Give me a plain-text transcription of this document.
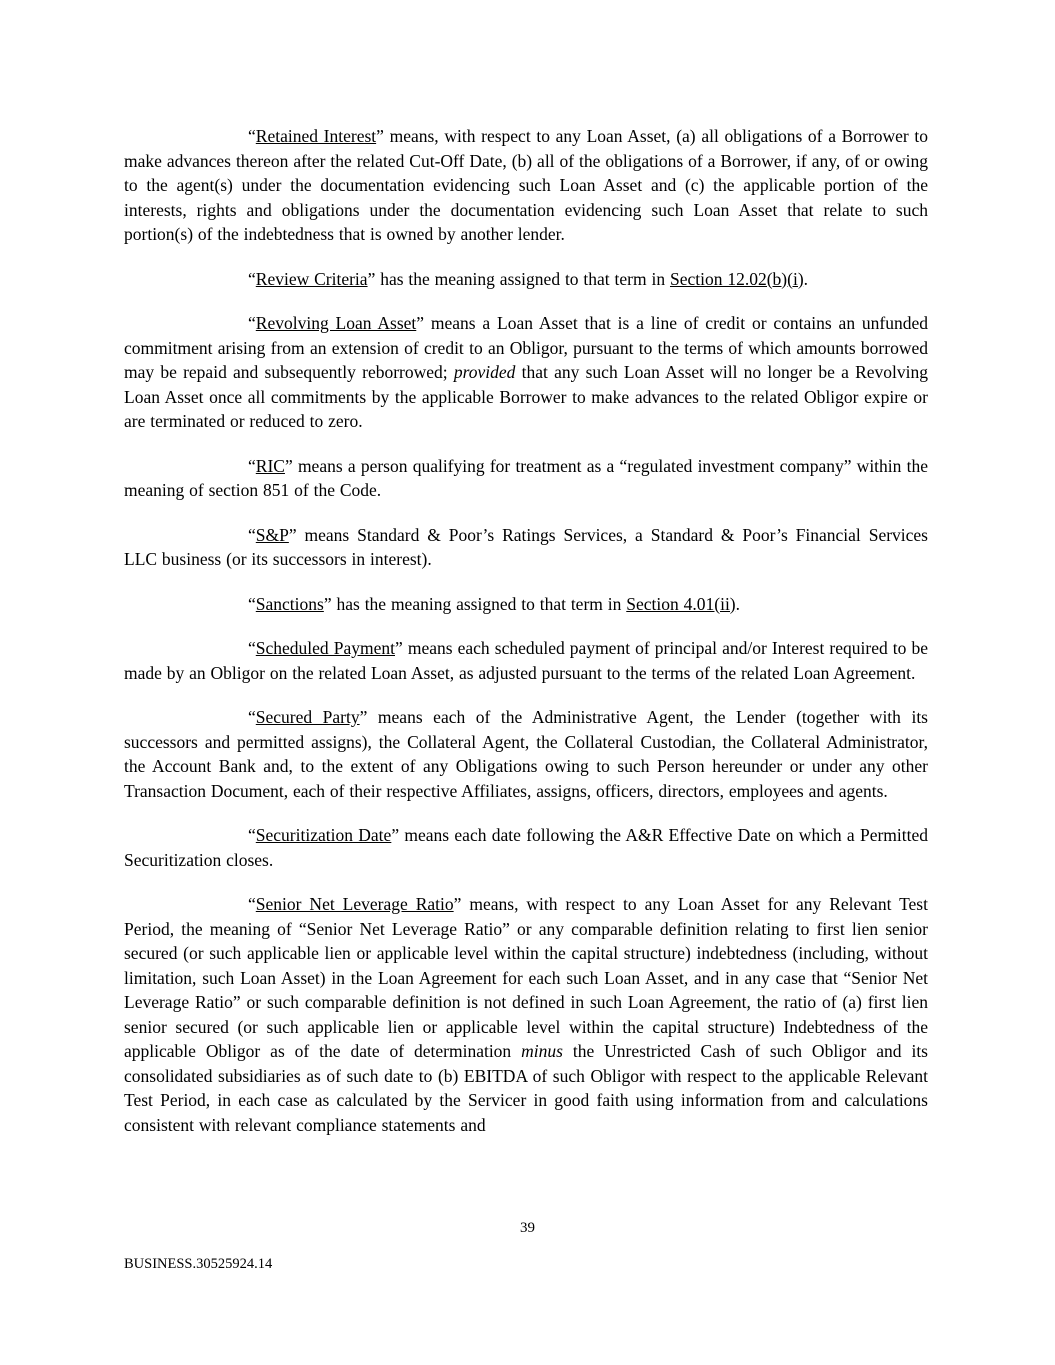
“Retained Interest” means, with respect to any Loan Asset, (a) all obligations of a Borrower to make advances thereon after the related Cut-Off Date, (b) all of the obligations of a Borrower, if any, of or owing to the agent(s) under the documentation evidencing such Loan Asset and (c) the applicable portion of the interests, rights and obligations under the documentation evidencing such Loan Asset that relate to such portion(s) of the indebtedness that is owned by another lender.

“Review Criteria” has the meaning assigned to that term in Section 12.02(b)(i).

“Revolving Loan Asset” means a Loan Asset that is a line of credit or contains an unfunded commitment arising from an extension of credit to an Obligor, pursuant to the terms of which amounts borrowed may be repaid and subsequently reborrowed; provided that any such Loan Asset will no longer be a Revolving Loan Asset once all commitments by the applicable Borrower to make advances to the related Obligor expire or are terminated or reduced to zero.

“RIC” means a person qualifying for treatment as a “regulated investment company” within the meaning of section 851 of the Code.

“S&P” means Standard & Poor’s Ratings Services, a Standard & Poor’s Financial Services LLC business (or its successors in interest).

“Sanctions” has the meaning assigned to that term in Section 4.01(ii).

“Scheduled Payment” means each scheduled payment of principal and/or Interest required to be made by an Obligor on the related Loan Asset, as adjusted pursuant to the terms of the related Loan Agreement.

“Secured Party” means each of the Administrative Agent, the Lender (together with its successors and permitted assigns), the Collateral Agent, the Collateral Custodian, the Collateral Administrator, the Account Bank and, to the extent of any Obligations owing to such Person hereunder or under any other Transaction Document, each of their respective Affiliates, assigns, officers, directors, employees and agents.

“Securitization Date” means each date following the A&R Effective Date on which a Permitted Securitization closes.

“Senior Net Leverage Ratio” means, with respect to any Loan Asset for any Relevant Test Period, the meaning of “Senior Net Leverage Ratio” or any comparable definition relating to first lien senior secured (or such applicable lien or applicable level within the capital structure) indebtedness (including, without limitation, such Loan Asset) in the Loan Agreement for each such Loan Asset, and in any case that “Senior Net Leverage Ratio” or such comparable definition is not defined in such Loan Agreement, the ratio of (a) first lien senior secured (or such applicable lien or applicable level within the capital structure) Indebtedness of the applicable Obligor as of the date of determination minus the Unrestricted Cash of such Obligor and its consolidated subsidiaries as of such date to (b) EBITDA of such Obligor with respect to the applicable Relevant Test Period, in each case as calculated by the Servicer in good faith using information from and calculations consistent with relevant compliance statements and

39
BUSINESS.30525924.14
